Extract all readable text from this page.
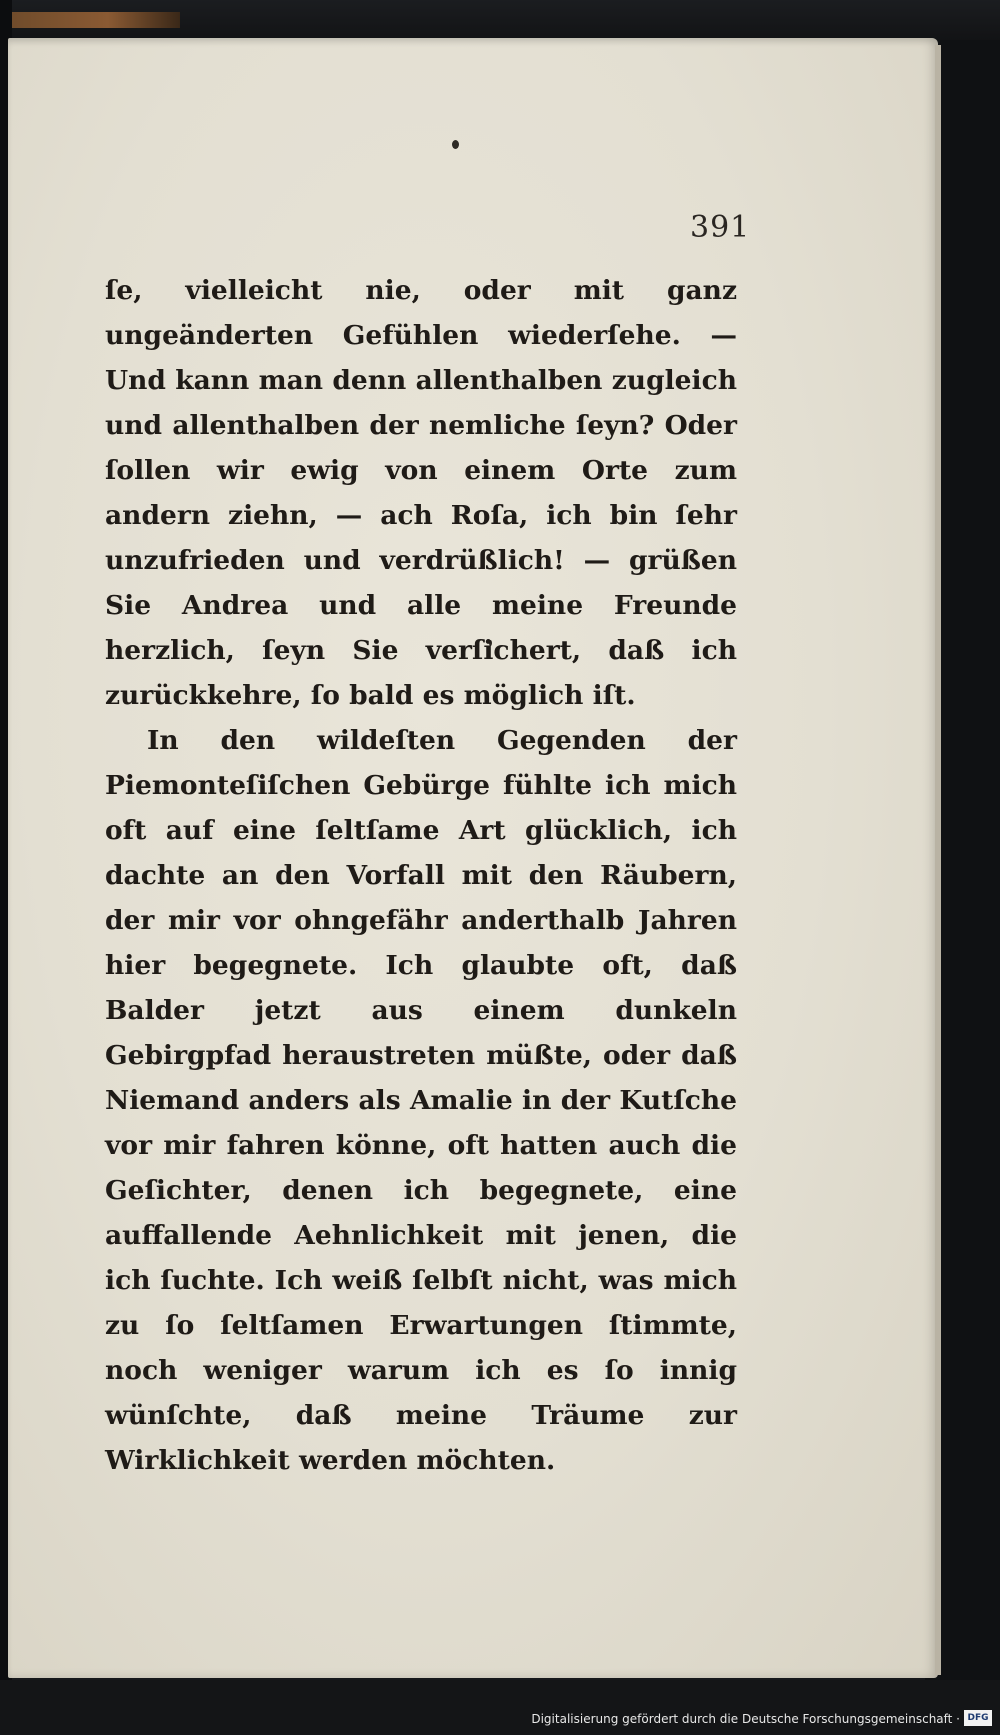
391

ſe, vielleicht nie, oder mit ganz ungeänderten Gefühlen wiederſehe. — Und kann man denn allenthalben zugleich und allenthalben der nemliche ſeyn? Oder ſollen wir ewig von einem Orte zum andern ziehn, — ach Roſa, ich bin ſehr unzufrieden und verdrüßlich! — grüßen Sie Andrea und alle meine Freunde herzlich, ſeyn Sie verſichert, daß ich zurückkehre, ſo bald es möglich iſt.

In den wildeſten Gegenden der Piemonteſiſchen Gebürge fühlte ich mich oft auf eine ſeltſame Art glücklich, ich dachte an den Vorfall mit den Räubern, der mir vor ohngefähr anderthalb Jahren hier begegnete. Ich glaubte oft, daß Balder jetzt aus einem dunkeln Gebirgpfad heraustreten müßte, oder daß Niemand anders als Amalie in der Kutſche vor mir fahren könne, oft hatten auch die Geſichter, denen ich begegnete, eine auffallende Aehnlichkeit mit jenen, die ich ſuchte. Ich weiß ſelbſt nicht, was mich zu ſo ſeltſamen Erwartungen ſtimmte, noch weniger warum ich es ſo innig wünſchte, daß meine Träume zur Wirklichkeit werden möchten.

Digitalisierung gefördert durch die Deutsche Forschungsgemeinschaft · DFG
